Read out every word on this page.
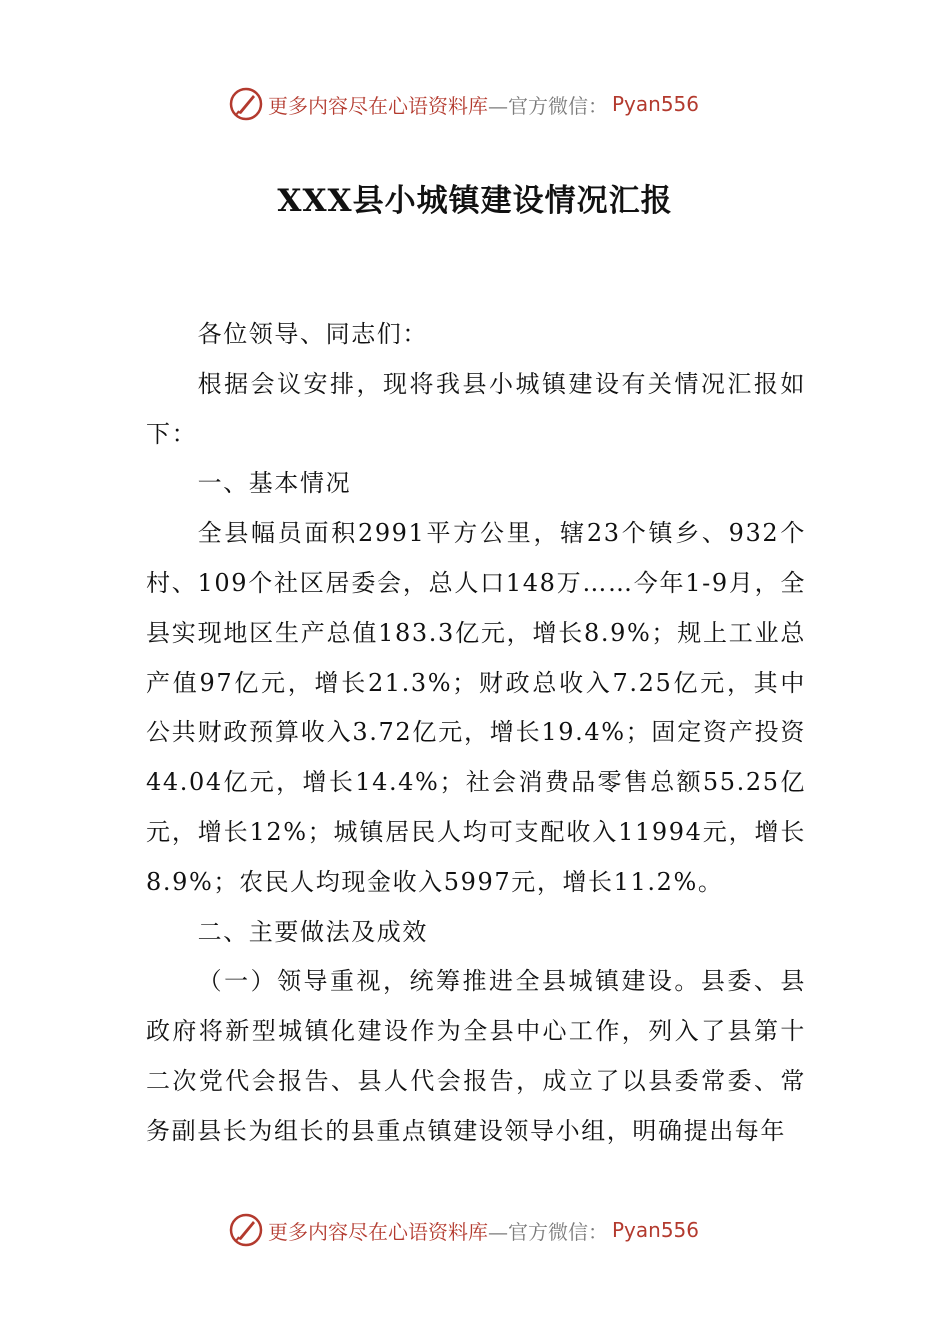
更多内容尽在心语资料库 —官方微信： Pyan556
XXX县小城镇建设情况汇报

各位领导、同志们：

根据会议安排，现将我县小城镇建设有关情况汇报如下：

一、基本情况

全县幅员面积2991平方公里，辖23个镇乡、932个村、109个社区居委会，总人口148万……今年1-9月，全县实现地区生产总值183.3亿元，增长8.9%；规上工业总产值97亿元，增长21.3%；财政总收入7.25亿元，其中公共财政预算收入3.72亿元，增长19.4%；固定资产投资44.04亿元，增长14.4%；社会消费品零售总额55.25亿元，增长12%；城镇居民人均可支配收入11994元，增长8.9%；农民人均现金收入5997元，增长11.2%。

二、主要做法及成效

（一）领导重视，统筹推进全县城镇建设。县委、县政府将新型城镇化建设作为全县中心工作，列入了县第十二次党代会报告、县人代会报告，成立了以县委常委、常务副县长为组长的县重点镇建设领导小组，明确提出每年

更多内容尽在心语资料库 —官方微信： Pyan556
